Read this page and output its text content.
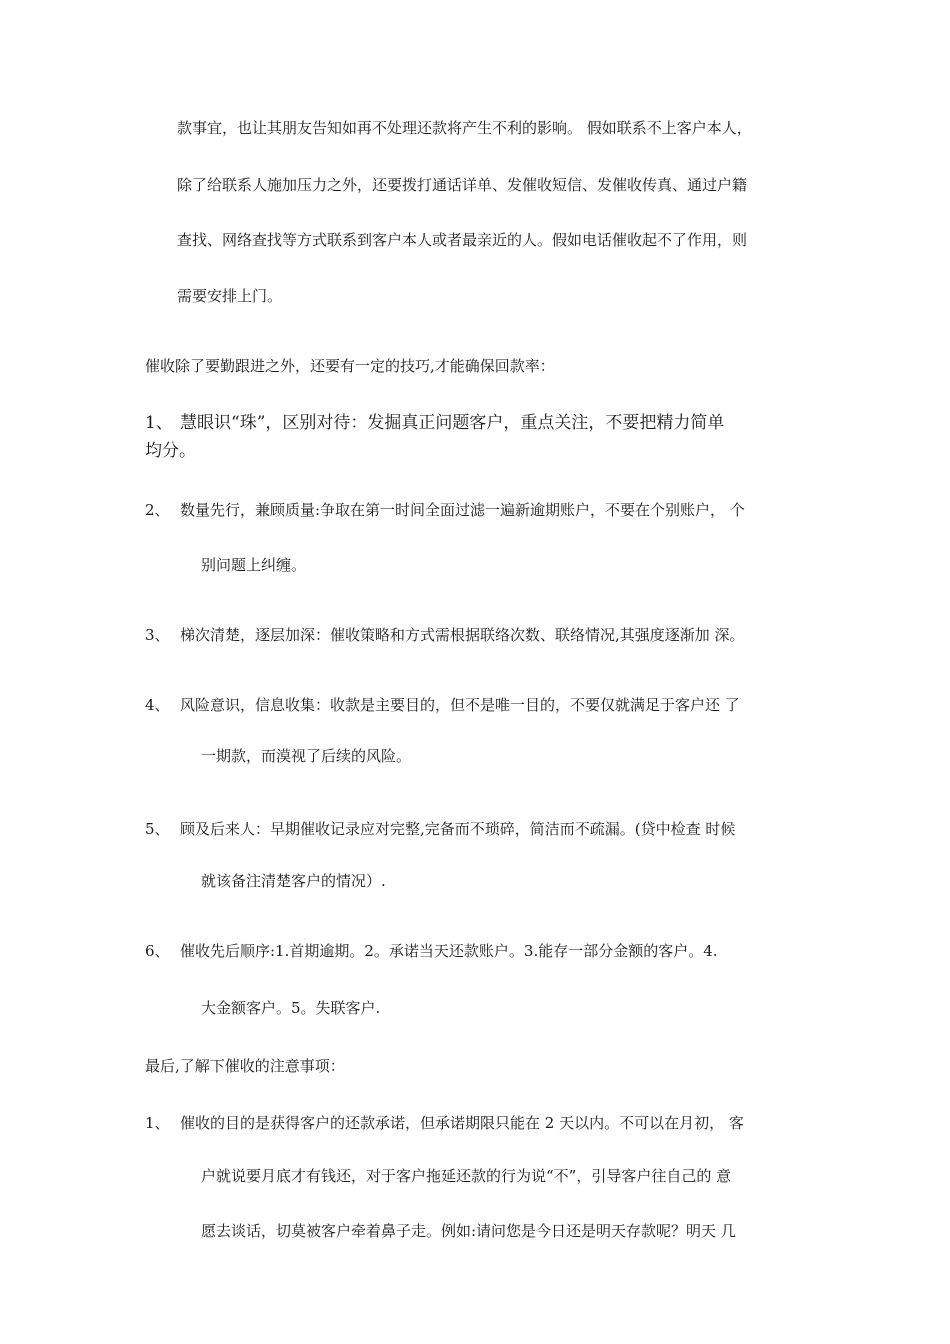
款事宜，也让其朋友告知如再不处理还款将产生不利的影响。 假如联系不上客户本人，
除了给联系人施加压力之外，还要拨打通话详单、发催收短信、发催收传真、通过户籍
查找、网络查找等方式联系到客户本人或者最亲近的人。假如电话催收起不了作用，则
需要安排上门。
催收除了要勤跟进之外，还要有一定的技巧,才能确保回款率：
1、 慧眼识“珠”，区别对待：发掘真正问题客户，重点关注，不要把精力简单
均分。
2、 数量先行，兼顾质量:争取在第一时间全面过滤一遍新逾期账户，不要在个别账户， 个
别问题上纠缠。
3、 梯次清楚，逐层加深：催收策略和方式需根据联络次数、联络情况,其强度逐渐加 深。
4、 风险意识，信息收集：收款是主要目的，但不是唯一目的，不要仅就满足于客户还 了
一期款，而漠视了后续的风险。
5、 顾及后来人：早期催收记录应对完整,完备而不琐碎，简洁而不疏漏。(贷中检查 时候
就该备注清楚客户的情况）.
6、 催收先后顺序:1.首期逾期。2。承诺当天还款账户。3.能存一部分金额的客户。4.
大金额客户。5。失联客户.
最后,了解下催收的注意事项：
1、 催收的目的是获得客户的还款承诺，但承诺期限只能在 2 天以内。不可以在月初， 客
户就说要月底才有钱还，对于客户拖延还款的行为说“不”，引导客户往自己的 意
愿去谈话，切莫被客户牵着鼻子走。例如:请问您是今日还是明天存款呢？明天 几
